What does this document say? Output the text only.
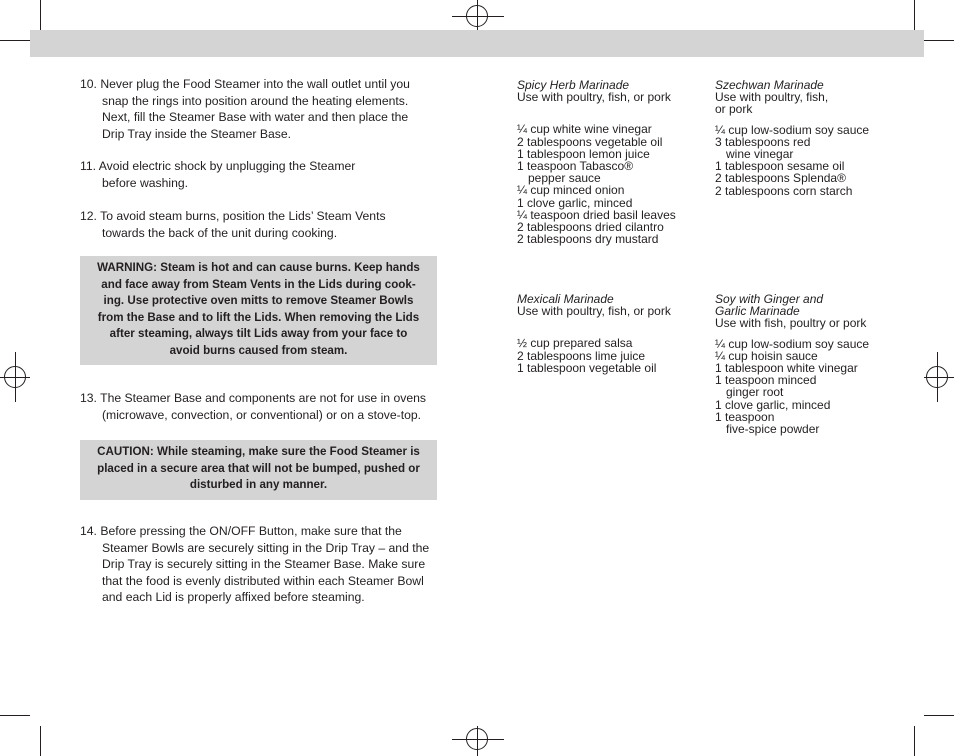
10. Never plug the Food Steamer into the wall outlet until you
snap the rings into position around the heating elements.
Next, fill the Steamer Base with water and then place the
Drip Tray inside the Steamer Base.
11. Avoid electric shock by unplugging the Steamer
before washing.
12. To avoid steam burns, position the Lids’ Steam Vents
towards the back of the unit during cooking.
WARNING: Steam is hot and can cause burns. Keep hands
and face away from Steam Vents in the Lids during cook-
ing. Use protective oven mitts to remove Steamer Bowls
from the Base and to lift the Lids. When removing the Lids
after steaming, always tilt Lids away from your face to
avoid burns caused from steam.
13. The Steamer Base and components are not for use in ovens
(microwave, convection, or conventional) or on a stove-top.
CAUTION: While steaming, make sure the Food Steamer is
placed in a secure area that will not be bumped, pushed or
disturbed in any manner.
14. Before pressing the ON/OFF Button, make sure that the
Steamer Bowls are securely sitting in the Drip Tray – and the
Drip Tray is securely sitting in the Steamer Base. Make sure
that the food is evenly distributed within each Steamer Bowl
and each Lid is properly affixed before steaming.
Spicy Herb Marinade
Use with poultry, fish, or pork
¼ cup white wine vinegar
2 tablespoons vegetable oil
1 tablespoon lemon juice
1 teaspoon Tabasco®
pepper sauce
¼ cup minced onion
1 clove garlic, minced
¼ teaspoon dried basil leaves
2 tablespoons dried cilantro
2 tablespoons dry mustard
Szechwan Marinade
Use with poultry, fish,
or pork
¼ cup low-sodium soy sauce
3 tablespoons red
wine vinegar
1 tablespoon sesame oil
2 tablespoons Splenda®
2 tablespoons corn starch
Mexicali Marinade
Use with poultry, fish, or pork
½ cup prepared salsa
2 tablespoons lime juice
1 tablespoon vegetable oil
Soy with Ginger and
Garlic Marinade
Use with fish, poultry or pork
¼ cup low-sodium soy sauce
¼ cup hoisin sauce
1 tablespoon white vinegar
1 teaspoon minced
ginger root
1 clove garlic, minced
1 teaspoon
five-spice powder
